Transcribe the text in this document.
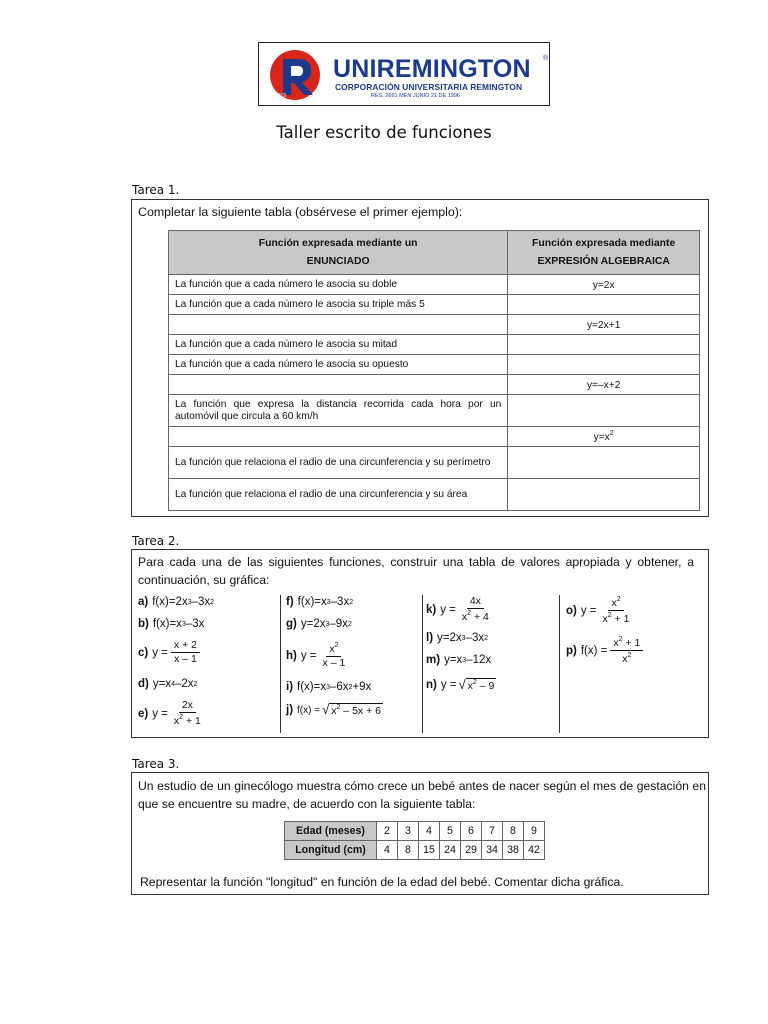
1915
UNIREMINGTON ®
CORPORACIÓN UNIVERSITARIA REMINGTON
RES. 2661 MEN JUNIO 21 DE 1996
Taller escrito de funciones
Tarea 1.
Completar la siguiente tabla (obsérvese el primer ejemplo):
Función expresada mediante un
ENUNCIADO	Función expresada mediante
EXPRESIÓN ALGEBRAICA
La función que a cada número le asocia su doble	y=2x
La función que a cada número le asocia su triple más 5	
	y=2x+1
La función que a cada número le asocia su mitad	
La función que a cada número le asocia su opuesto	
	y=–x+2
La función que expresa la distancia recorrida cada hora por un automóvil que circula a 60 km/h	
	$y=x^2$
La función que relaciona el radio de una circunferencia y su perímetro	
La función que relaciona el radio de una circunferencia y su área	
Tarea 2.
Para cada una de las siguientes funciones, construir una tabla de valores apropiada y obtener, a continuación, su gráfica:
a) f(x)=2x 3 –3x 2
b) f(x)=x 3 –3x
c) $y = \frac{x + 2}{x - 1}$
d) y=x 4 –2x 2
e) $y = \frac{2x}{x^2 + 1}$
f) f(x)=x 3 –3x 2
g) y=2x 3 –9x 2
h) $y = \frac{x^2}{x - 1}$
i) f(x)=x 3 –6x 2 +9x
j) f(x) = √ $x^2 - 5x + 6$
k) $y = \frac{4x}{x^2 + 4}$
l) y=2x 3 –3x 2
m) y=x 3 –12x
n) y = √ $x^2 - 9$
o) $y = \frac{x^2}{x^2 + 1}$
p) $f(x) = \frac{x^2 + 1}{x^2}$
Tarea 3.
Un estudio de un ginecólogo muestra cómo crece un bebé antes de nacer según el mes de gestación en que se encuentre su madre, de acuerdo con la siguiente tabla:
Edad (meses)	2	3	4	5	6	7	8	9
Longitud (cm)	4	8	15	24	29	34	38	42
Representar la función "longitud" en función de la edad del bebé. Comentar dicha gráfica.
